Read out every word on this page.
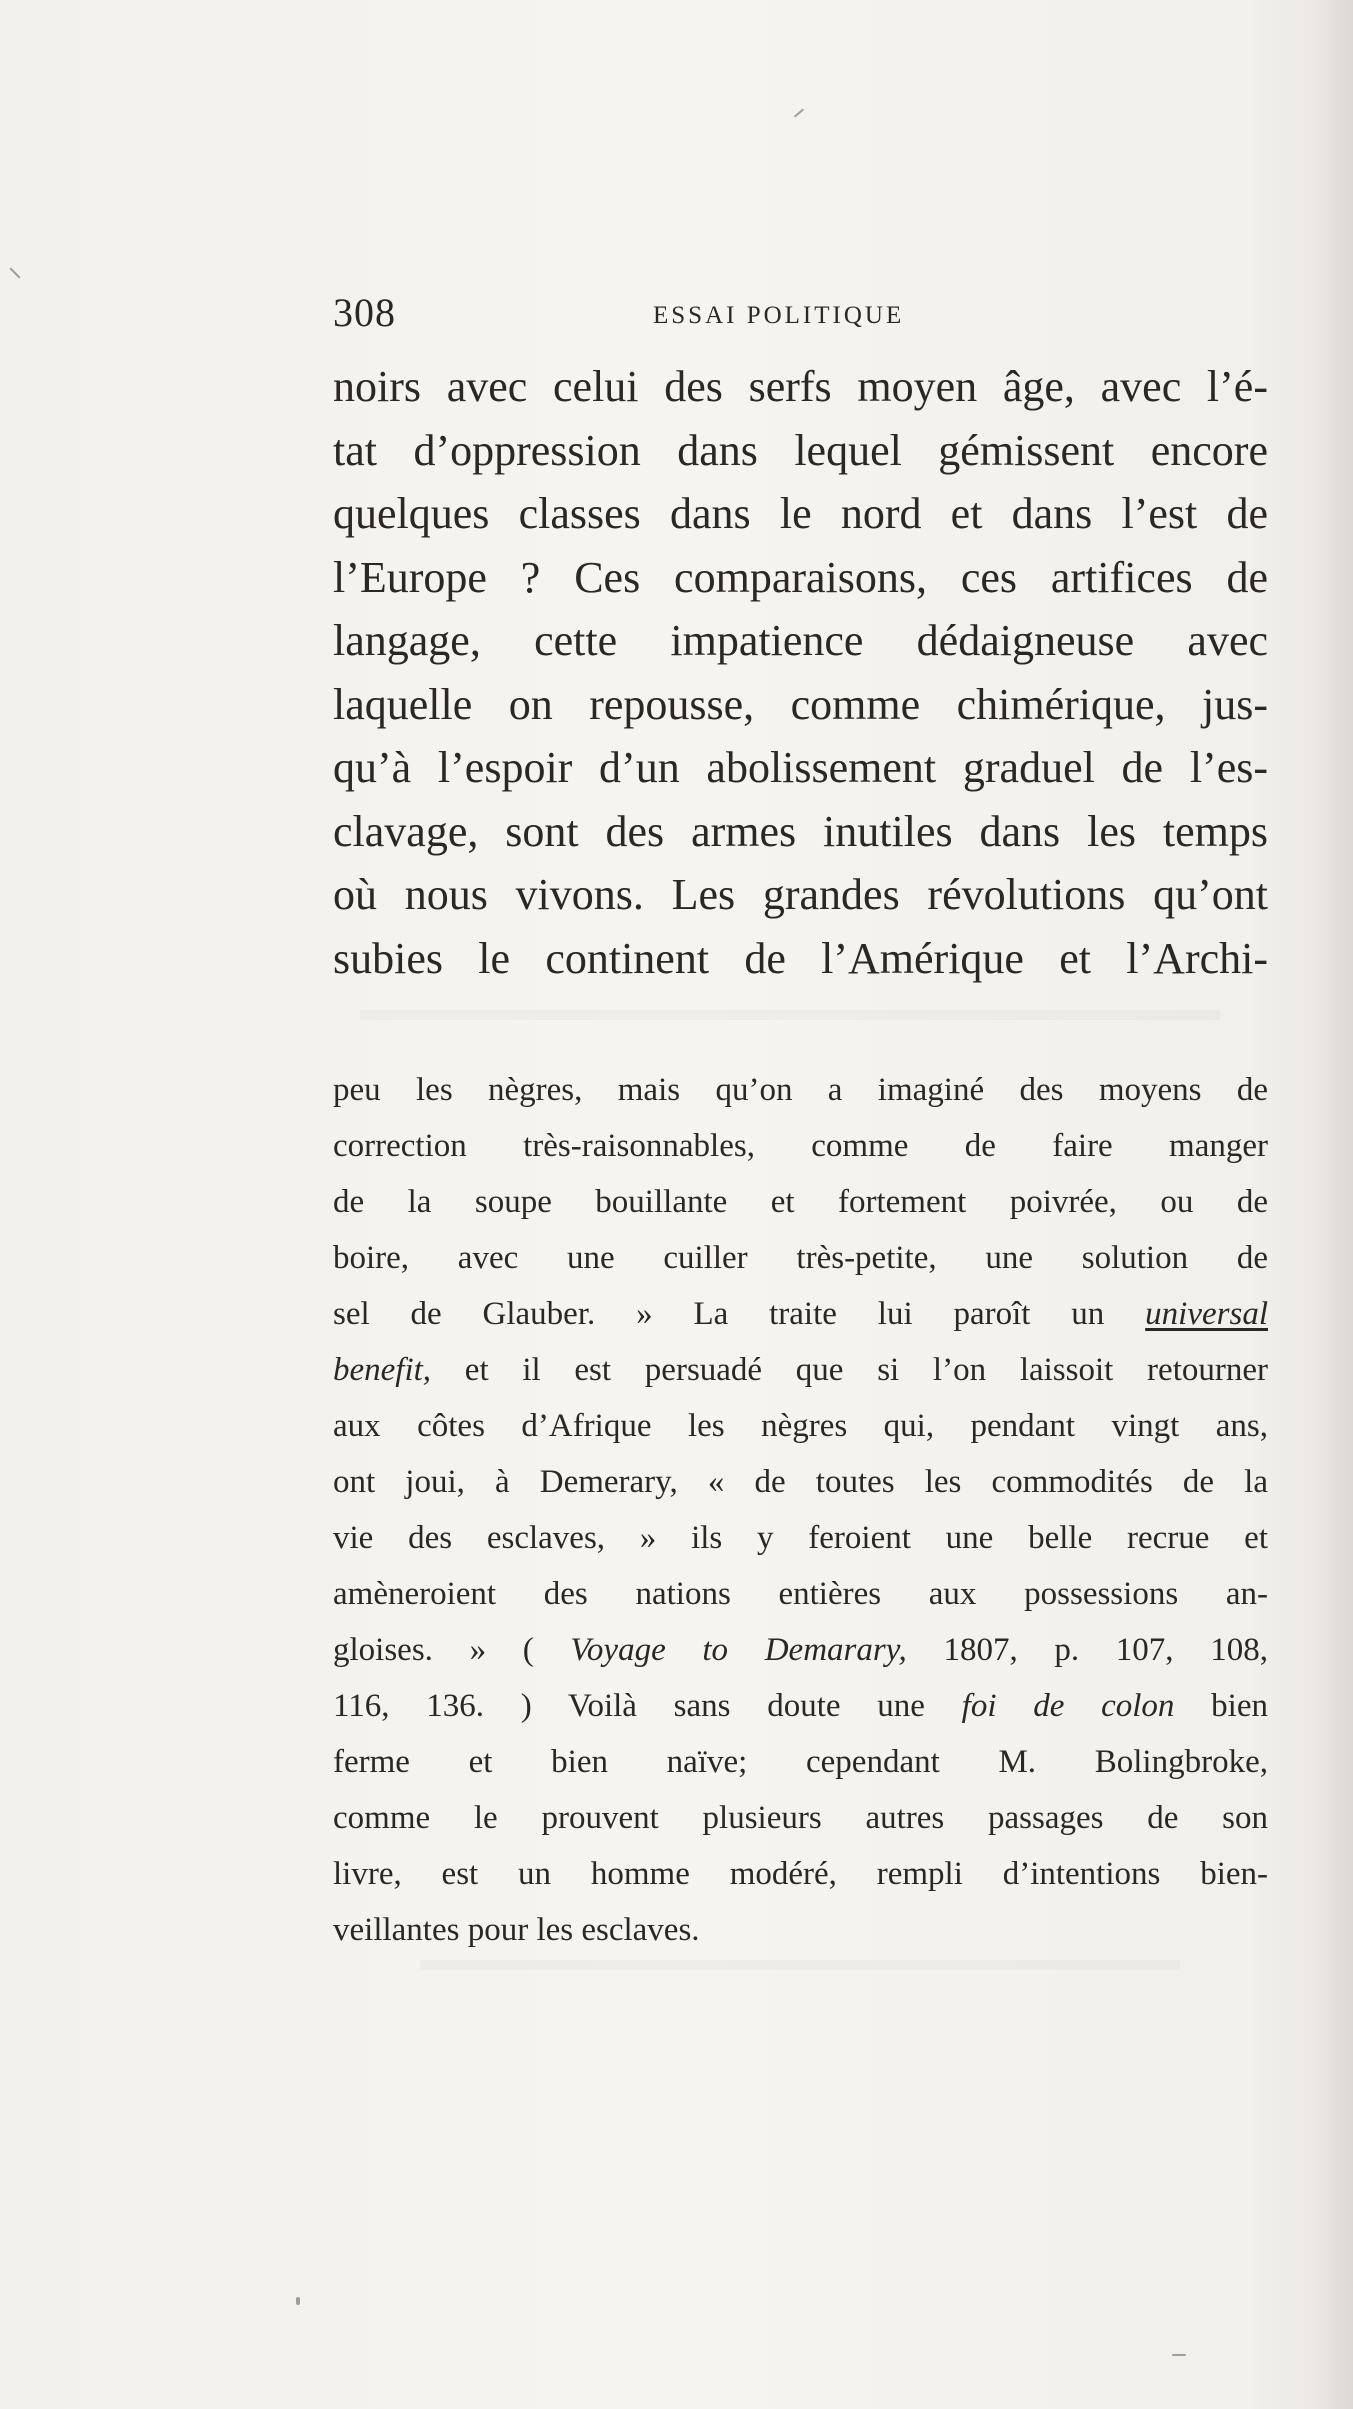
308	ESSAI POLITIQUE
noirs avec celui des serfs moyen âge, avec l’é-
tat d’oppression dans lequel gémissent encore
quelques classes dans le nord et dans l’est de
l’Europe ? Ces comparaisons, ces artifices de
langage, cette impatience dédaigneuse avec
laquelle on repousse, comme chimérique, jus-
qu’à l’espoir d’un abolissement graduel de l’es-
clavage, sont des armes inutiles dans les temps
où nous vivons. Les grandes révolutions qu’ont
subies le continent de l’Amérique et l’Archi-
peu les nègres, mais qu’on a imaginé des moyens de
correction très-raisonnables, comme de faire manger
de la soupe bouillante et fortement poivrée, ou de
boire, avec une cuiller très-petite, une solution de
sel de Glauber. » La traite lui paroît un universal
benefit, et il est persuadé que si l’on laissoit retourner
aux côtes d’Afrique les nègres qui, pendant vingt ans,
ont joui, à Demerary, « de toutes les commodités de la
vie des esclaves, » ils y feroient une belle recrue et
amèneroient des nations entières aux possessions an-
gloises. » ( Voyage to Demarary, 1807, p. 107, 108,
116, 136. ) Voilà sans doute une foi de colon bien
ferme et bien naïve; cependant M. Bolingbroke,
comme le prouvent plusieurs autres passages de son
livre, est un homme modéré, rempli d’intentions bien-
veillantes pour les esclaves.
